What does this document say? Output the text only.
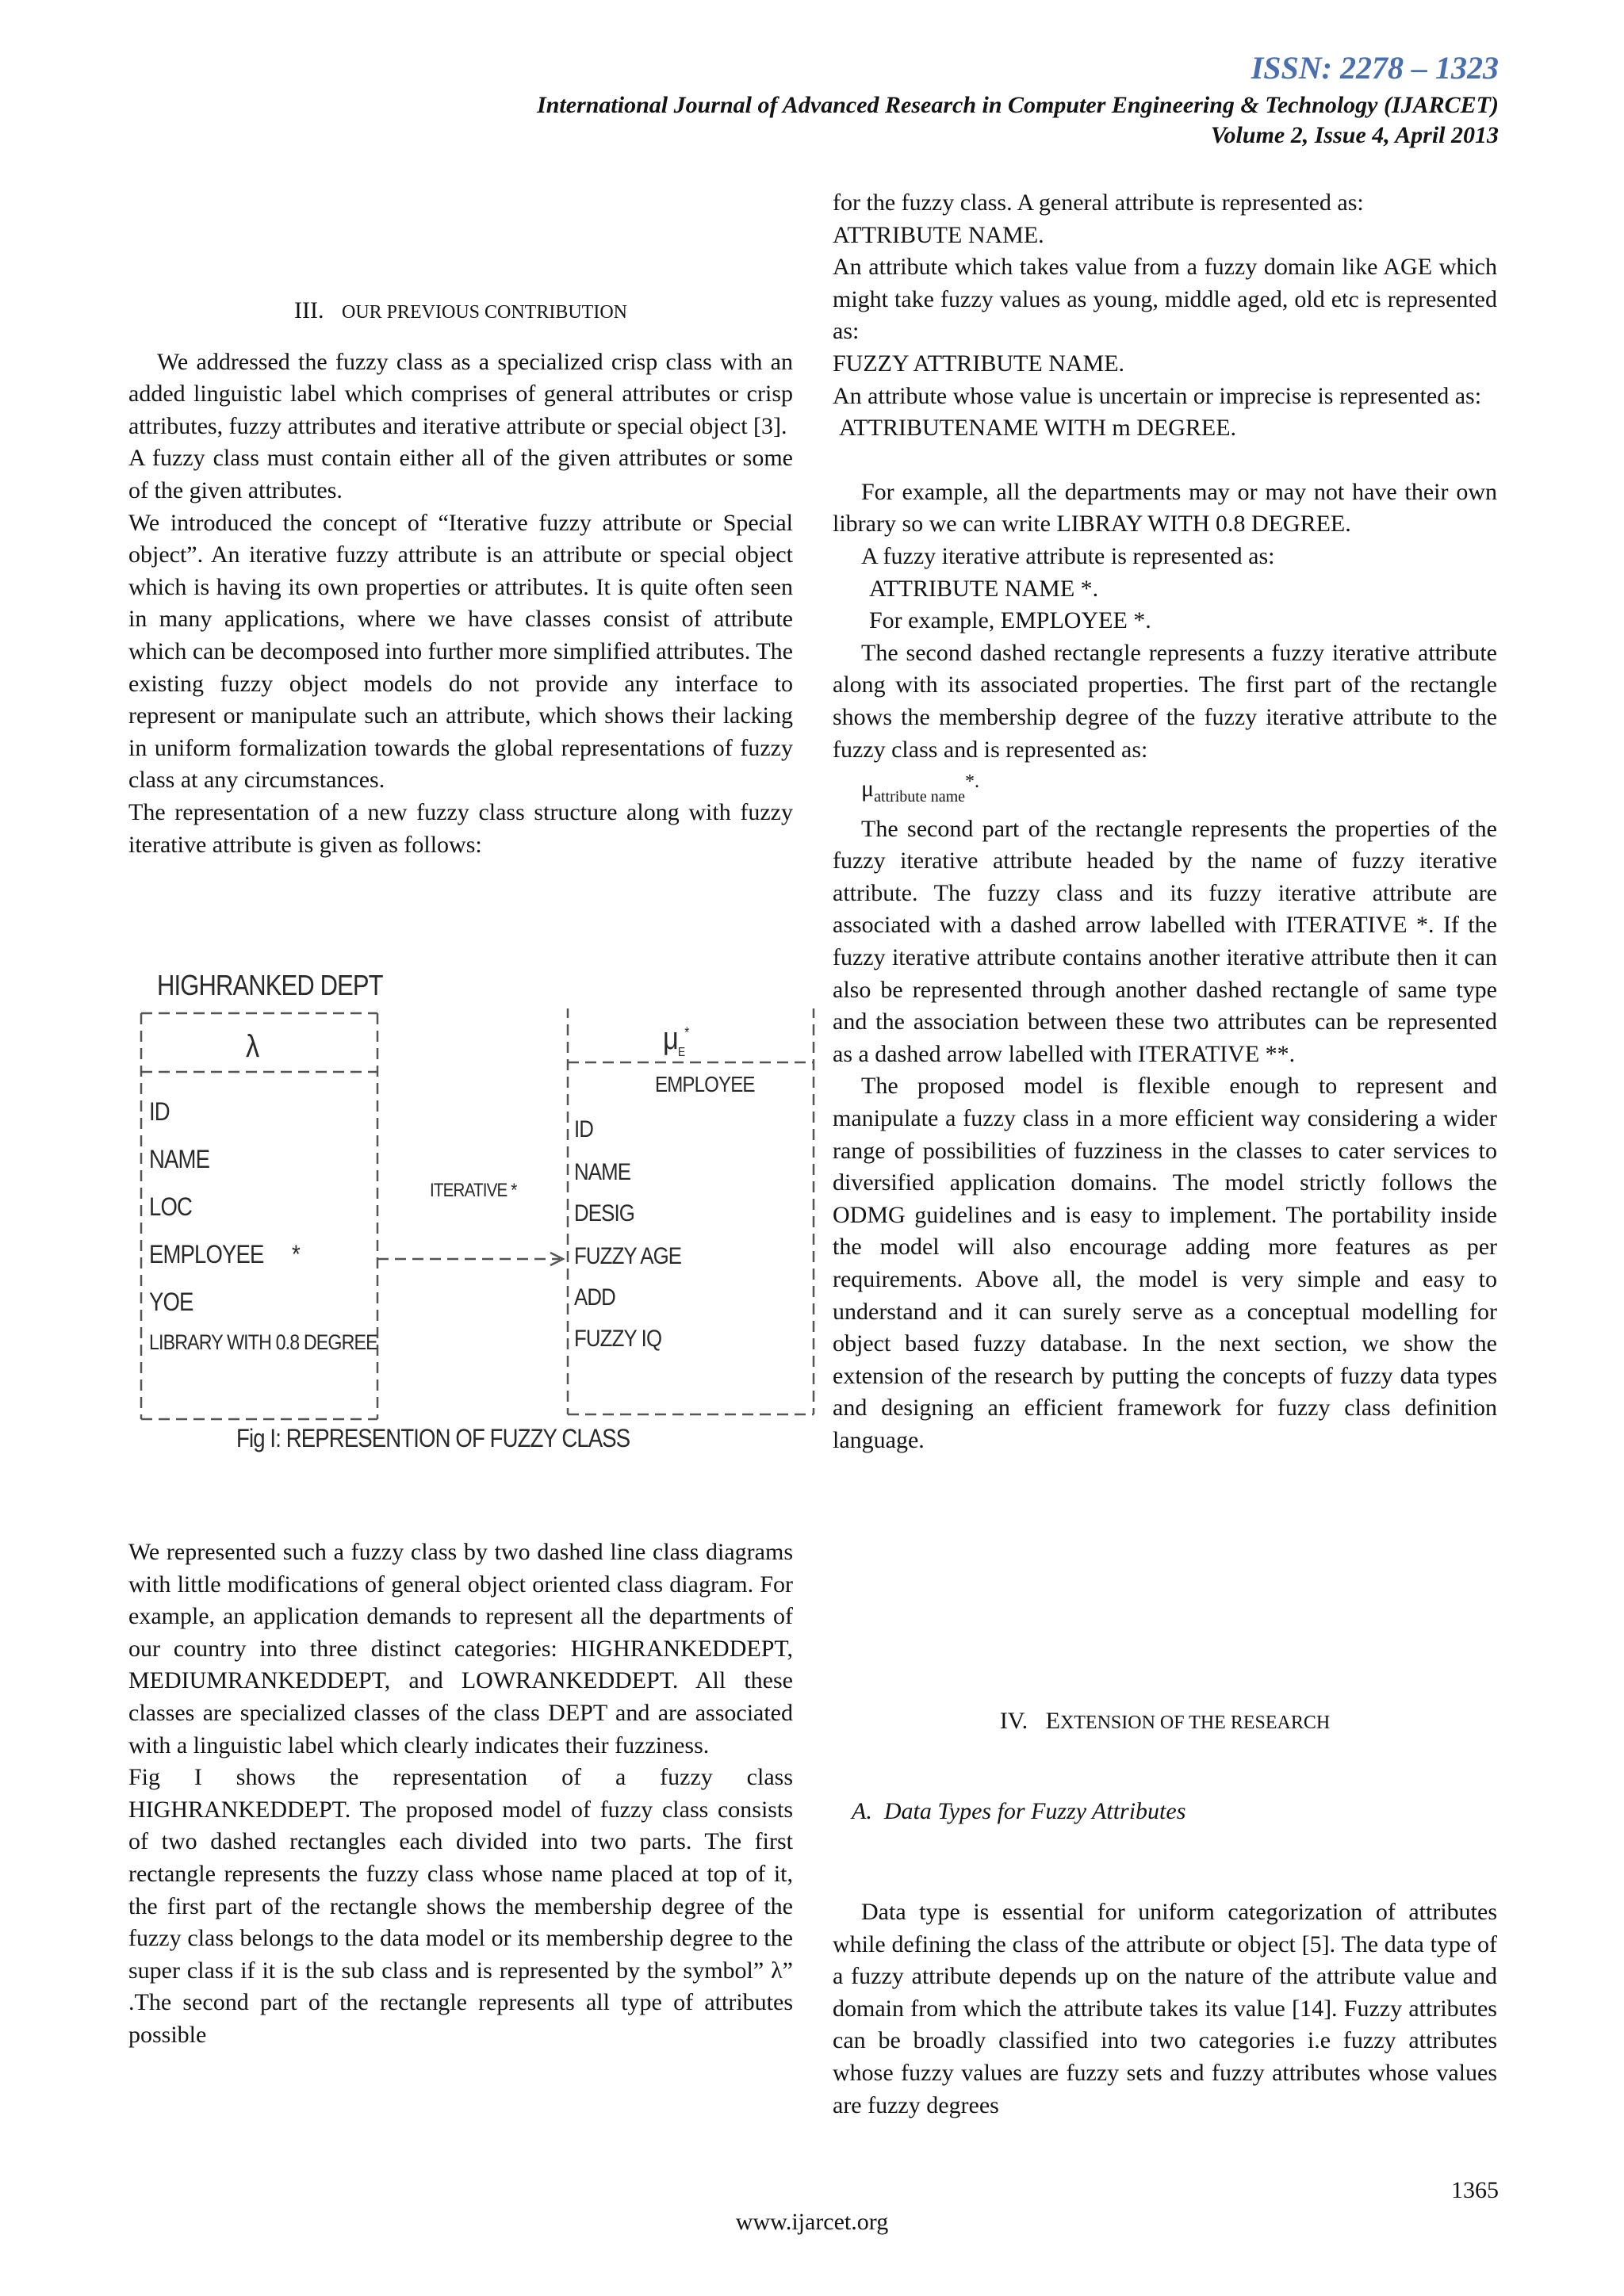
ISSN: 2278 – 1323
International Journal of Advanced Research in Computer Engineering & Technology (IJARCET)
Volume 2, Issue 4, April 2013

III. OUR PREVIOUS CONTRIBUTION

We addressed the fuzzy class as a specialized crisp class with an added linguistic label which comprises of general attributes or crisp attributes, fuzzy attributes and iterative attribute or special object [3].

A fuzzy class must contain either all of the given attributes or some of the given attributes.

We introduced the concept of “Iterative fuzzy attribute or Special object”. An iterative fuzzy attribute is an attribute or special object which is having its own properties or attributes. It is quite often seen in many applications, where we have classes consist of attribute which can be decomposed into further more simplified attributes. The existing fuzzy object models do not provide any interface to represent or manipulate such an attribute, which shows their lacking in uniform formalization towards the global representations of fuzzy class at any circumstances.

The representation of a new fuzzy class structure along with fuzzy iterative attribute is given as follows:

HIGHRANKED DEPT
λ
ID
NAME
LOC
EMPLOYEE *
YOE
LIBRARY WITH 0.8 DEGREE
ITERATIVE *
$\mu_E^*$
EMPLOYEE
ID
NAME
DESIG
FUZZY AGE
ADD
FUZZY IQ
Fig I: REPRESENTION OF FUZZY CLASS

We represented such a fuzzy class by two dashed line class diagrams with little modifications of general object oriented class diagram. For example, an application demands to represent all the departments of our country into three distinct categories: HIGHRANKEDDEPT, MEDIUMRANKEDDEPT, and LOWRANKEDDEPT. All these classes are specialized classes of the class DEPT and are associated with a linguistic label which clearly indicates their fuzziness.

Fig I shows the representation of a fuzzy class HIGHRANKEDDEPT. The proposed model of fuzzy class consists of two dashed rectangles each divided into two parts. The first rectangle represents the fuzzy class whose name placed at top of it, the first part of the rectangle shows the membership degree of the fuzzy class belongs to the data model or its membership degree to the super class if it is the sub class and is represented by the symbol” λ” .The second part of the rectangle represents all type of attributes possible

for the fuzzy class. A general attribute is represented as:

ATTRIBUTE NAME.

An attribute which takes value from a fuzzy domain like AGE which might take fuzzy values as young, middle aged, old etc is represented as:

FUZZY ATTRIBUTE NAME.

An attribute whose value is uncertain or imprecise is represented as:

ATTRIBUTENAME WITH m DEGREE.

For example, all the departments may or may not have their own library so we can write LIBRAY WITH 0.8 DEGREE.

A fuzzy iterative attribute is represented as:

ATTRIBUTE NAME *.

For example, EMPLOYEE *.

The second dashed rectangle represents a fuzzy iterative attribute along with its associated properties. The first part of the rectangle shows the membership degree of the fuzzy iterative attribute to the fuzzy class and is represented as:

$\mu_{attribute name}^{*.}$

The second part of the rectangle represents the properties of the fuzzy iterative attribute headed by the name of fuzzy iterative attribute. The fuzzy class and its fuzzy iterative attribute are associated with a dashed arrow labelled with ITERATIVE *. If the fuzzy iterative attribute contains another iterative attribute then it can also be represented through another dashed rectangle of same type and the association between these two attributes can be represented as a dashed arrow labelled with ITERATIVE **.

The proposed model is flexible enough to represent and manipulate a fuzzy class in a more efficient way considering a wider range of possibilities of fuzziness in the classes to cater services to diversified application domains. The model strictly follows the ODMG guidelines and is easy to implement. The portability inside the model will also encourage adding more features as per requirements. Above all, the model is very simple and easy to understand and it can surely serve as a conceptual modelling for object based fuzzy database. In the next section, we show the extension of the research by putting the concepts of fuzzy data types and designing an efficient framework for fuzzy class definition language.

IV. EXTENSION OF THE RESEARCH
A. Data Types for Fuzzy Attributes

Data type is essential for uniform categorization of attributes while defining the class of the attribute or object [5]. The data type of a fuzzy attribute depends up on the nature of the attribute value and domain from which the attribute takes its value [14]. Fuzzy attributes can be broadly classified into two categories i.e fuzzy attributes whose fuzzy values are fuzzy sets and fuzzy attributes whose values are fuzzy degrees

1365
www.ijarcet.org
